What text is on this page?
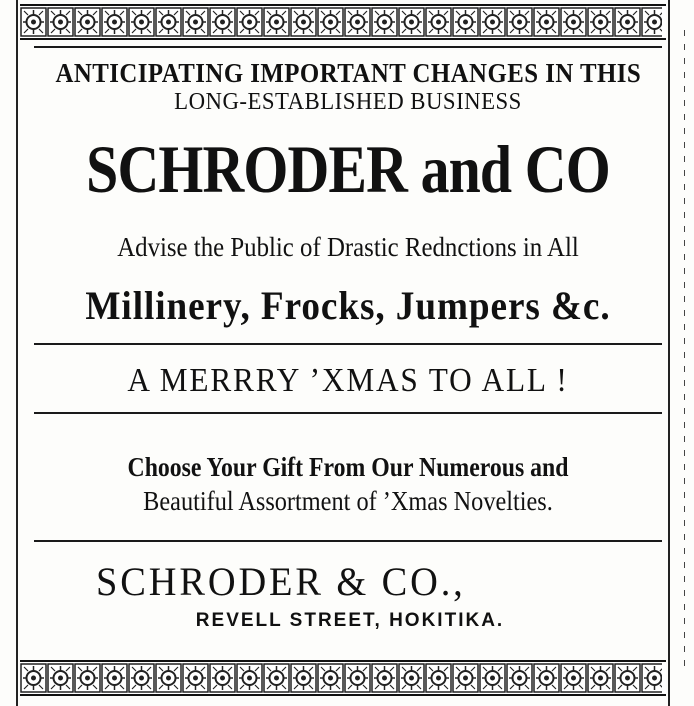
ANTICIPATING IMPORTANT CHANGES IN THIS
LONG-ESTABLISHED BUSINESS
SCHRODER and CO
Advise the Public of Drastic Rednctions in All
Millinery, Frocks, Jumpers &c.
A MERRRY ’XMAS TO ALL !
Choose Your Gift From Our Numerous and
Beautiful Assortment of ’Xmas Novelties.
SCHRODER & CO.,
REVELL STREET, HOKITIKA.
